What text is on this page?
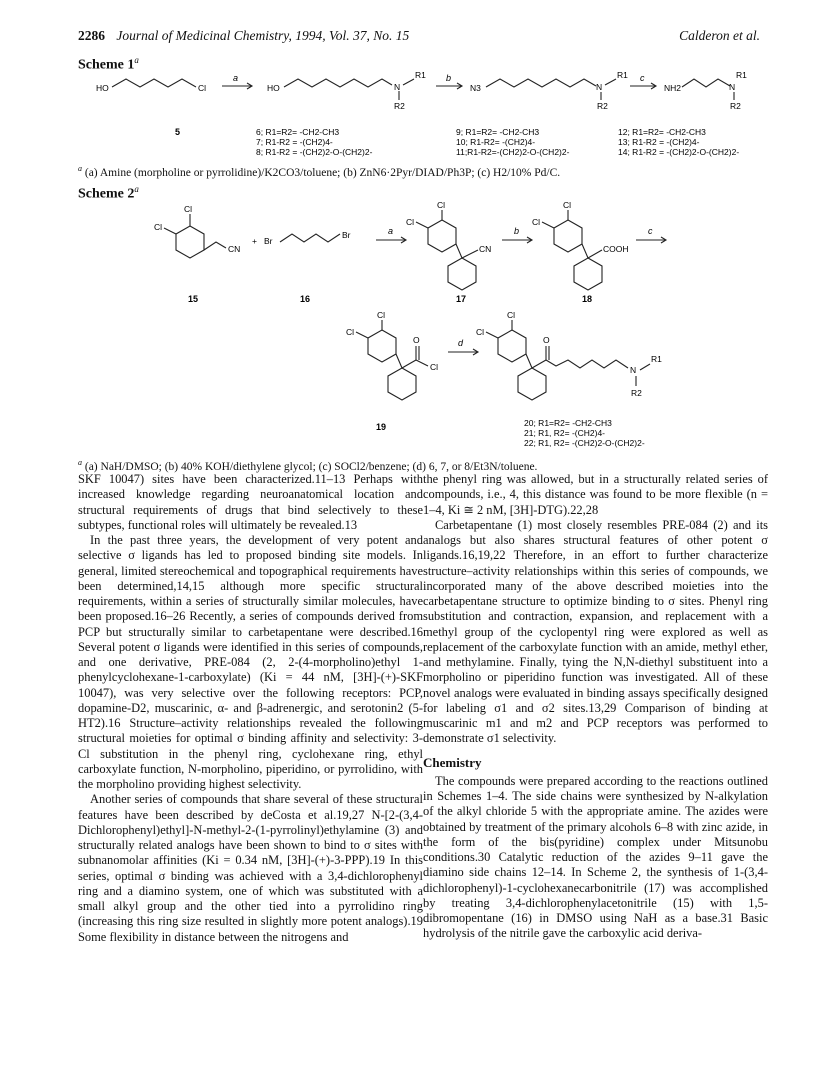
2286 Journal of Medicinal Chemistry, 1994, Vol. 37, No. 15	Calderon et al.
Scheme 1$^a$
HO	Cl
a
HO	N
R1
R2
b
N3	N
R1
R2
c
NH2	N
R1
R2
5	6; R1=R2= -CH2-CH3
7; R1-R2 = -(CH2)4-
8; R1-R2 = -(CH2)2-O-(CH2)2-
9; R1=R2= -CH2-CH3
10; R1-R2= -(CH2)4-
11;R1-R2=-(CH2)2-O-(CH2)2-
12; R1=R2= -CH2-CH3
13; R1-R2 = -(CH2)4-
14; R1-R2 = -(CH2)2-O-(CH2)2-
$^a$ (a) Amine (morpholine or pyrrolidine)/K2CO3/toluene; (b) ZnN6·2Pyr/DIAD/Ph3P; (c) H2/10% Pd/C.
Scheme 2$^a$
Cl
Cl
CN
+ Br
Br	a
Cl
Cl
CN
b
Cl
Cl
COOH
c
15	16	17	18
Cl
Cl
O
Cl
d
Cl
Cl
O
N
R1
R2
19	20; R1=R2= -CH2-CH3
21; R1, R2= -(CH2)4-
22; R1, R2= -(CH2)2-O-(CH2)2-
$^a$ (a) NaH/DMSO; (b) 40% KOH/diethylene glycol; (c) SOCl2/benzene; (d) 6, 7, or 8/Et3N/toluene.

SKF 10047) sites have been characterized.11–13 Perhaps with increased knowledge regarding neuroanatomical location and structural requirements of drugs that bind selectively to these subtypes, functional roles will ultimately be revealed.13

In the past three years, the development of very potent and selective σ ligands has led to proposed binding site models. In general, limited stereochemical and topographical requirements have been determined,14,15 although more specific structural requirements, within a series of structurally similar molecules, have been proposed.16–26 Recently, a series of compounds derived from PCP but structurally similar to carbetapentane were described.16 Several potent σ ligands were identified in this series of compounds, and one derivative, PRE-084 (2, 2-(4-morpholino)ethyl 1-phenylcyclohexane-1-carboxylate) (Ki = 44 nM, [3H]-(+)-SKF 10047), was very selective over the following receptors: PCP, dopamine-D2, muscarinic, α- and β-adrenergic, and serotonin2 (5-HT2).16 Structure–activity relationships revealed the following structural moieties for optimal σ binding affinity and selectivity: 3-Cl substitution in the phenyl ring, cyclohexane ring, ethyl carboxylate function, N-morpholino, piperidino, or pyrrolidino, with the morpholino providing highest selectivity.

Another series of compounds that share several of these structural features have been described by deCosta et al.19,27 N-[2-(3,4-Dichlorophenyl)ethyl]-N-methyl-2-(1-pyrrolinyl)ethylamine (3) and structurally related analogs have been shown to bind to σ sites with subnanomolar affinities (Ki = 0.34 nM, [3H]-(+)-3-PPP).19 In this series, optimal σ binding was achieved with a 3,4-dichlorophenyl ring and a diamino system, one of which was substituted with a small alkyl group and the other tied into a pyrrolidino ring (increasing this ring size resulted in slightly more potent analogs).19 Some flexibility in distance between the nitrogens and

the phenyl ring was allowed, but in a structurally related series of compounds, i.e., 4, this distance was found to be more flexible (n = 1–4, Ki ≅ 2 nM, [3H]-DTG).22,28

Carbetapentane (1) most closely resembles PRE-084 (2) and its analogs but also shares structural features of other potent σ ligands.16,19,22 Therefore, in an effort to further characterize structure–activity relationships within this series of compounds, we incorporated many of the above described moieties into the carbetapentane structure to optimize binding to σ sites. Phenyl ring substitution and contraction, expansion, and replacement with a methyl group of the cyclopentyl ring were explored as well as replacement of the carboxylate function with an amide, methyl ether, and methylamine. Finally, tying the N,N-diethyl substituent into a morpholino or piperidino function was investigated. All of these novel analogs were evaluated in binding assays specifically designed for labeling σ1 and σ2 sites.13,29 Comparison of binding at muscarinic m1 and m2 and PCP receptors was performed to demonstrate σ1 selectivity.

Chemistry

The compounds were prepared according to the reactions outlined in Schemes 1–4. The side chains were synthesized by N-alkylation of the alkyl chloride 5 with the appropriate amine. The azides were obtained by treatment of the primary alcohols 6–8 with zinc azide, in the form of the bis(pyridine) complex under Mitsunobu conditions.30 Catalytic reduction of the azides 9–11 gave the diamino side chains 12–14. In Scheme 2, the synthesis of 1-(3,4-dichlorophenyl)-1-cyclohexanecarbonitrile (17) was accomplished by treating 3,4-dichlorophenylacetonitrile (15) with 1,5-dibromopentane (16) in DMSO using NaH as a base.31 Basic hydrolysis of the nitrile gave the carboxylic acid deriva-
